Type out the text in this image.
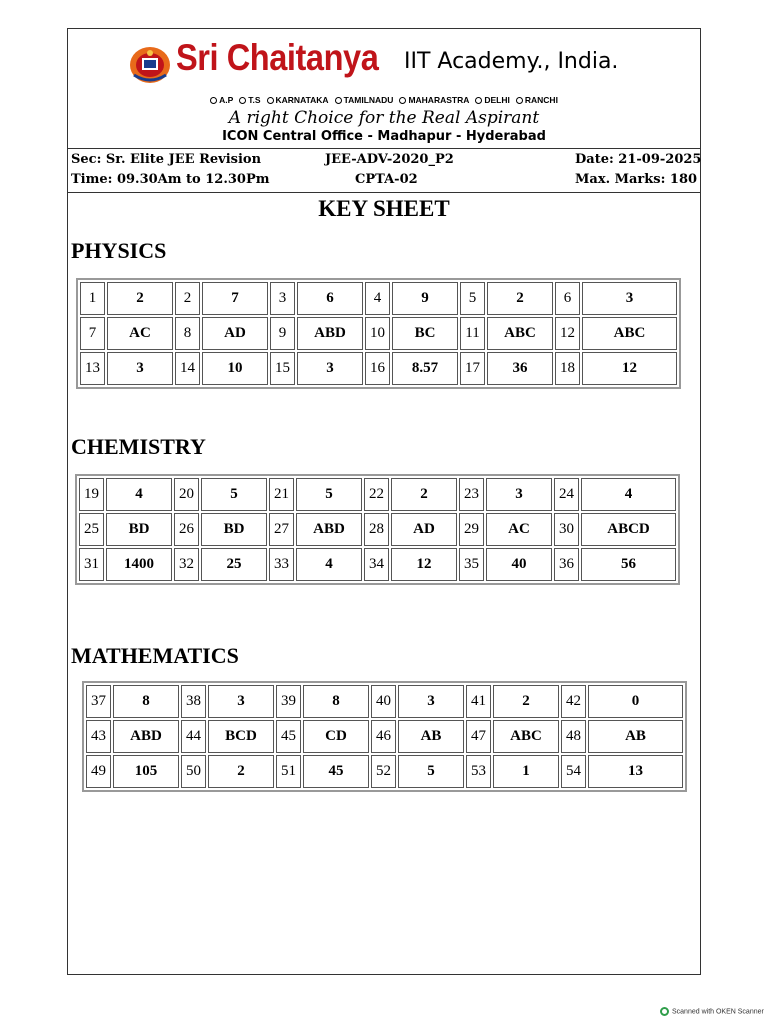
Sri Chaitanya IIT Academy., India.
A.P T.S KARNATAKA TAMILNADU MAHARASTRA DELHI RANCHI
A right Choice for the Real Aspirant
ICON Central Office - Madhapur - Hyderabad
Sec: Sr. Elite JEE Revision	JEE-ADV-2020_P2	Date: 21-09-2025
Time: 09.30Am to 12.30Pm	CPTA-02	Max. Marks: 180
KEY SHEET
PHYSICS
1	2	2	7	3	6	4	9	5	2	6	3
7	AC	8	AD	9	ABD	10	BC	11	ABC	12	ABC
13	3	14	10	15	3	16	8.57	17	36	18	12
CHEMISTRY
19	4	20	5	21	5	22	2	23	3	24	4
25	BD	26	BD	27	ABD	28	AD	29	AC	30	ABCD
31	1400	32	25	33	4	34	12	35	40	36	56
MATHEMATICS
37	8	38	3	39	8	40	3	41	2	42	0
43	ABD	44	BCD	45	CD	46	AB	47	ABC	48	AB
49	105	50	2	51	45	52	5	53	1	54	13
Scanned with OKEN Scanner
